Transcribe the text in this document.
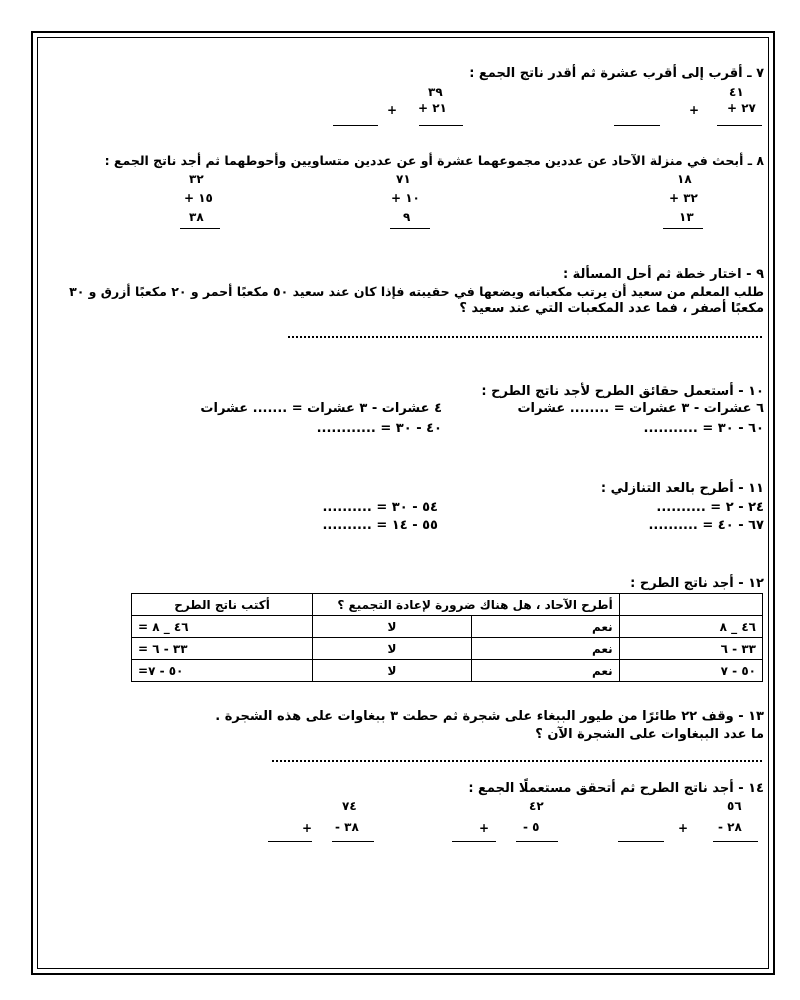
٧ ـ أقرب إلى أقرب عشرة ثم أقدر ناتج الجمع :
٤١
٢٧ +
+
٣٩
٢١ +
+
٨ ـ أبحث في منزلة الآحاد عن عددين مجموعهما عشرة أو عن عددين متساويين وأحوطهما ثم أجد ناتج الجمع :
١٨
٣٢ +
١٣
٧١
١٠ +
٩
٣٢
١٥ +
٣٨
٩ - اختار خطة ثم أحل المسألة :
طلب المعلم من سعيد أن يرتب مكعباته ويضعها في حقيبته فإذا كان عند سعيد ٥٠ مكعبًا أحمر و ٢٠ مكعبًا أزرق و ٣٠
مكعبًا أصفر ، فما عدد المكعبات التي عند سعيد ؟
١٠ - أستعمل حقائق الطرح لأجد ناتج الطرح :
٦ عشرات - ٣ عشرات = ........ عشرات
٤ عشرات - ٣ عشرات = ....... عشرات
٦٠ - ٣٠ = ...........
٤٠ - ٣٠ = ............
١١ - أطرح بالعد التنازلي :
٢٤ - ٢ = ..........
٦٧ - ٤٠ = ..........
٥٤ - ٣٠ = ..........
٥٥ - ١٤ = ..........
١٢ - أجد ناتج الطرح :
	أطرح الآحاد ، هل هناك ضرورة لإعادة التجميع ؟		أكتب ناتج الطرح
٤٦ _ ٨	نعم	لا	٤٦ _ ٨ =
٣٣ - ٦	نعم	لا	٣٣ - ٦ =
٥٠ - ٧	نعم	لا	٥٠ - ٧=
١٣ - وقف ٢٢ طائرًا من طيور الببغاء على شجرة ثم حطت ٣ ببغاوات على هذه الشجرة .
ما عدد الببغاوات على الشجرة الآن ؟
١٤ - أجد ناتج الطرح ثم أتحقق مستعملًا الجمع :
٥٦
٢٨ -
+
٤٢
٥ -
+
٧٤
٣٨ -
+
